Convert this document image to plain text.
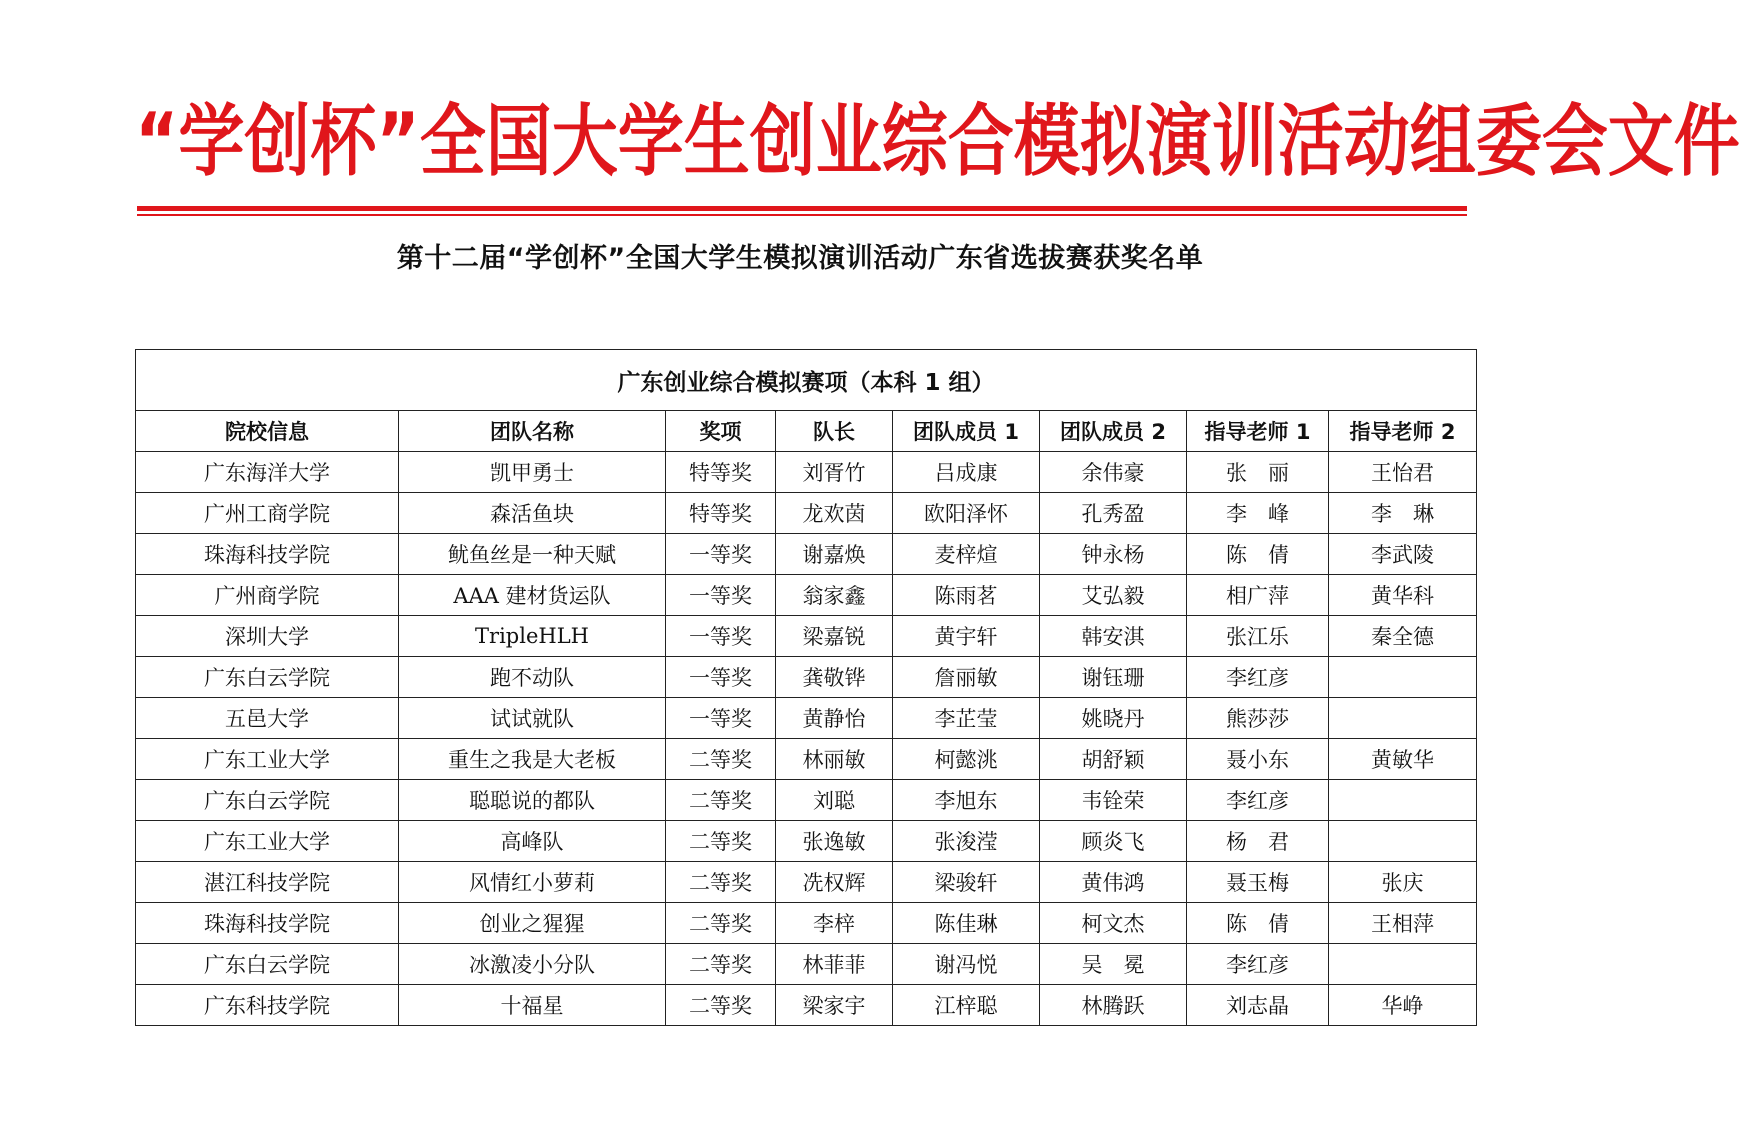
“ 学 创 杯 ” 全 国 大 学 生 创 业 综 合 模 拟 演 训 活 动 组 委 会 文 件
第十二届“学创杯”全国大学生模拟演训活动广东省选拔赛获奖名单
广东创业综合模拟赛项（本科 1 组）							
院校信息	团队名称	奖项	队长	团队成员 1	团队成员 2	指导老师 1	指导老师 2
广东海洋大学	凯甲勇士	特等奖	刘胥竹	吕成康	余伟豪	张　丽	王怡君
广州工商学院	森活鱼块	特等奖	龙欢茵	欧阳泽怀	孔秀盈	李　峰	李　琳
珠海科技学院	鱿鱼丝是一种天赋	一等奖	谢嘉焕	麦梓煊	钟永杨	陈　倩	李武陵
广州商学院	AAA 建材货运队	一等奖	翁家鑫	陈雨茗	艾弘毅	相广萍	黄华科
深圳大学	TripleHLH	一等奖	梁嘉锐	黄宇轩	韩安淇	张江乐	秦全德
广东白云学院	跑不动队	一等奖	龚敬铧	詹丽敏	谢钰珊	李红彦	
五邑大学	试试就队	一等奖	黄静怡	李芷莹	姚晓丹	熊莎莎	
广东工业大学	重生之我是大老板	二等奖	林丽敏	柯懿洮	胡舒颖	聂小东	黄敏华
广东白云学院	聪聪说的都队	二等奖	刘聪	李旭东	韦铨荣	李红彦	
广东工业大学	高峰队	二等奖	张逸敏	张浚滢	顾炎飞	杨　君	
湛江科技学院	风情红小萝莉	二等奖	冼权辉	梁骏轩	黄伟鸿	聂玉梅	张庆
珠海科技学院	创业之猩猩	二等奖	李梓	陈佳琳	柯文杰	陈　倩	王相萍
广东白云学院	冰激凌小分队	二等奖	林菲菲	谢冯悦	吴　冕	李红彦	
广东科技学院	十福星	二等奖	梁家宇	江梓聪	林腾跃	刘志晶	华峥
